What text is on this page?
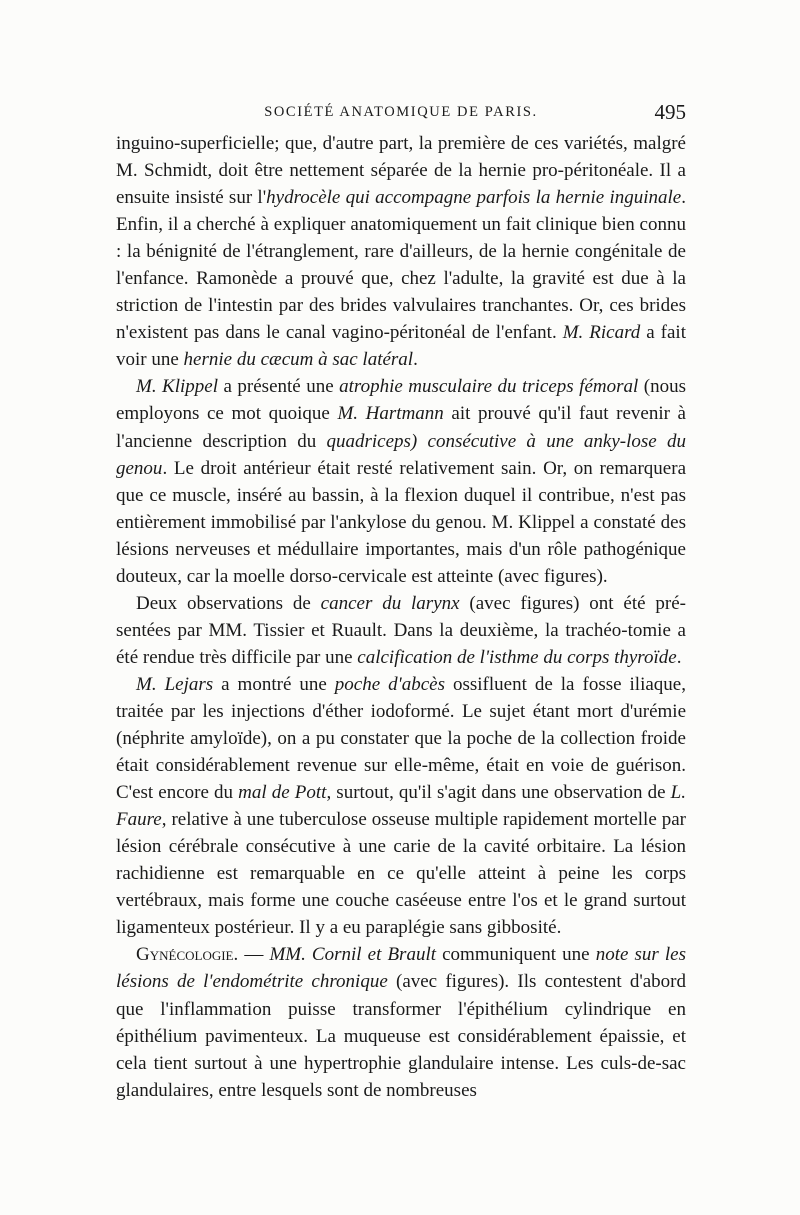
SOCIÉTÉ ANATOMIQUE DE PARIS.	495

inguino-superficielle; que, d'autre part, la première de ces variétés, malgré M. Schmidt, doit être nettement séparée de la hernie pro-péritonéale. Il a ensuite insisté sur l'hydrocèle qui accompagne parfois la hernie inguinale. Enfin, il a cherché à expliquer anatomiquement un fait clinique bien connu : la bénignité de l'étranglement, rare d'ailleurs, de la hernie congénitale de l'enfance. Ramonède a prouvé que, chez l'adulte, la gravité est due à la striction de l'intestin par des brides valvulaires tranchantes. Or, ces brides n'existent pas dans le canal vagino-péritonéal de l'enfant. M. Ricard a fait voir une hernie du cæcum à sac latéral.

M. Klippel a présenté une atrophie musculaire du triceps fémoral (nous employons ce mot quoique M. Hartmann ait prouvé qu'il faut revenir à l'ancienne description du quadriceps) consécutive à une anky-lose du genou. Le droit antérieur était resté relativement sain. Or, on remarquera que ce muscle, inséré au bassin, à la flexion duquel il contribue, n'est pas entièrement immobilisé par l'ankylose du genou. M. Klippel a constaté des lésions nerveuses et médullaire importantes, mais d'un rôle pathogénique douteux, car la moelle dorso-cervicale est atteinte (avec figures).

Deux observations de cancer du larynx (avec figures) ont été pré-sentées par MM. Tissier et Ruault. Dans la deuxième, la trachéo-tomie a été rendue très difficile par une calcification de l'isthme du corps thyroïde.

M. Lejars a montré une poche d'abcès ossifluent de la fosse iliaque, traitée par les injections d'éther iodoformé. Le sujet étant mort d'urémie (néphrite amyloïde), on a pu constater que la poche de la collection froide était considérablement revenue sur elle-même, était en voie de guérison. C'est encore du mal de Pott, surtout, qu'il s'agit dans une observation de L. Faure, relative à une tuberculose osseuse multiple rapidement mortelle par lésion cérébrale consécutive à une carie de la cavité orbitaire. La lésion rachidienne est remarquable en ce qu'elle atteint à peine les corps vertébraux, mais forme une couche caséeuse entre l'os et le grand surtout ligamenteux postérieur. Il y a eu paraplégie sans gibbosité.

Gynécologie. — MM. Cornil et Brault communiquent une note sur les lésions de l'endométrite chronique (avec figures). Ils contestent d'abord que l'inflammation puisse transformer l'épithélium cylindrique en épithélium pavimenteux. La muqueuse est considérablement épaissie, et cela tient surtout à une hypertrophie glandulaire intense. Les culs-de-sac glandulaires, entre lesquels sont de nombreuses
